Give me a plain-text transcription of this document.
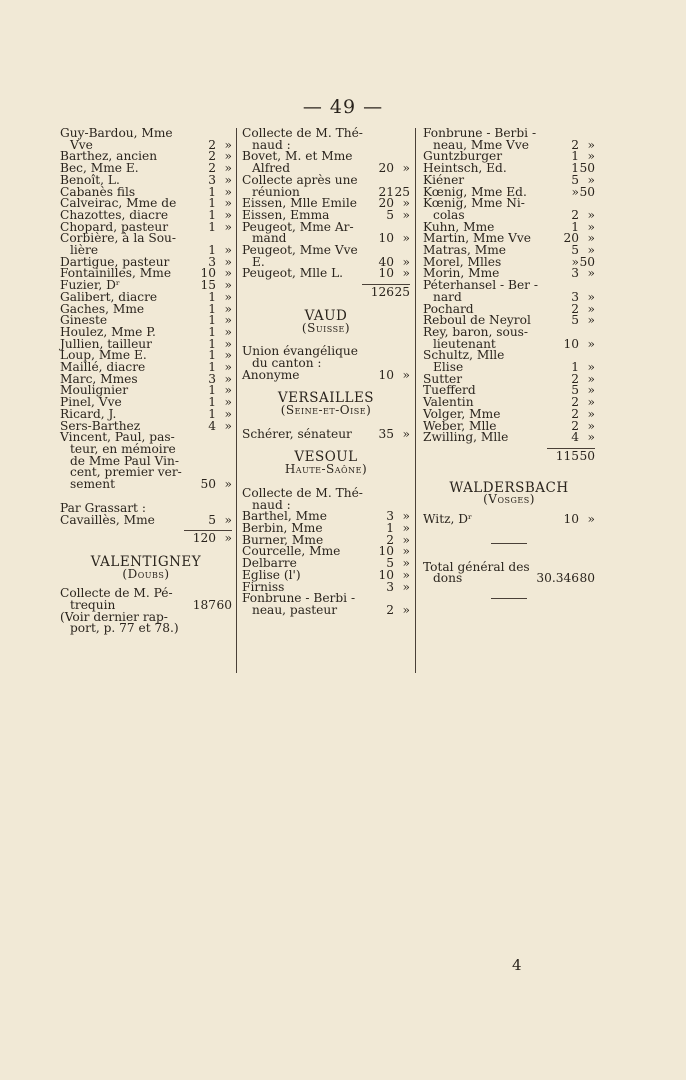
— 49 —
Guy-Bardou, Mme
Vve	2 »
Barthez, ancien	2 »
Bec, Mme E.	2 »
Benoît, L.	3 »
Cabanès fils	1 »
Calveirac, Mme de	1 »
Chazottes, diacre	1 »
Chopard, pasteur	1 »
Corbière, à la Sou-
lière	1 »
Dartigue, pasteur	3 »
Fontainilles, Mme 10 »
Fuzier, Dʳ	15 »
Galibert, diacre	1 »
Gaches, Mme	1 »
Gineste	1 »
Houlez, Mme P.	1 »
Jullien, tailleur	1 »
Loup, Mme E.	1 »
Maillé, diacre	1 »
Marc, Mmes	3 »
Moulignier	1 »
Pinel, Vve	1 »
Ricard, J.	1 »
Sers-Barthez	4 »
Vincent, Paul, pas-
teur, en mémoire
de Mme Paul Vin-
cent, premier ver-
sement	50 »
Par Grassart :
Cavaillès, Mme	5 »
120 »
VALENTIGNEY
(Doubs)
Collecte de M. Pé-
trequin	18760
(Voir dernier rap-
port, p. 77 et 78.)
Collecte de M. Thé-
naud :
Bovet, M. et Mme
Alfred	20 »
Collecte après une
réunion	2125
Eissen, Mlle Emile 20 »
Eissen, Emma	5 »
Peugeot, Mme Ar-
mand	10 »
Peugeot, Mme Vve
E.	40 »
Peugeot, Mlle L.	10 »
12625
VAUD
(Suisse)
Union évangélique
du canton :
Anonyme	10 »
VERSAILLES
(Seine-et-Oise)
Schérer, sénateur 35 »
VESOUL
Haute-Saône)
Collecte de M. Thé-
naud :
Barthel, Mme	3 »
Berbin, Mme	1 »
Burner, Mme	2 »
Courcelle, Mme	10 »
Delbarre	5 »
Eglise (l')	10 »
Firniss	3 »
Fonbrune - Berbi -
neau, pasteur	2 »
Fonbrune - Berbi -
neau, Mme Vve	2 »
Guntzburger	1 »
Heintsch, Ed.	150
Kiéner	5 »
Kœnig, Mme Ed.	»50
Kœnig, Mme Ni-
colas	2 »
Kuhn, Mme	1 »
Martin, Mme Vve	20 »
Matras, Mme	5 »
Morel, Mlles	»50
Morin, Mme	3 »
Péterhansel - Ber -
nard	3 »
Pochard	2 »
Reboul de Neyrol	5 »
Rey, baron, sous-
lieutenant	10 »
Schultz, Mlle
Elise	1 »
Sutter	2 »
Tuefferd	5 »
Valentin	2 »
Volger, Mme	2 »
Weber, Mlle	2 »
Zwilling, Mlle	4 »
11550
WALDERSBACH
(Vosges)
Witz, Dʳ	10 »
Total général des
dons	30.34680
4
